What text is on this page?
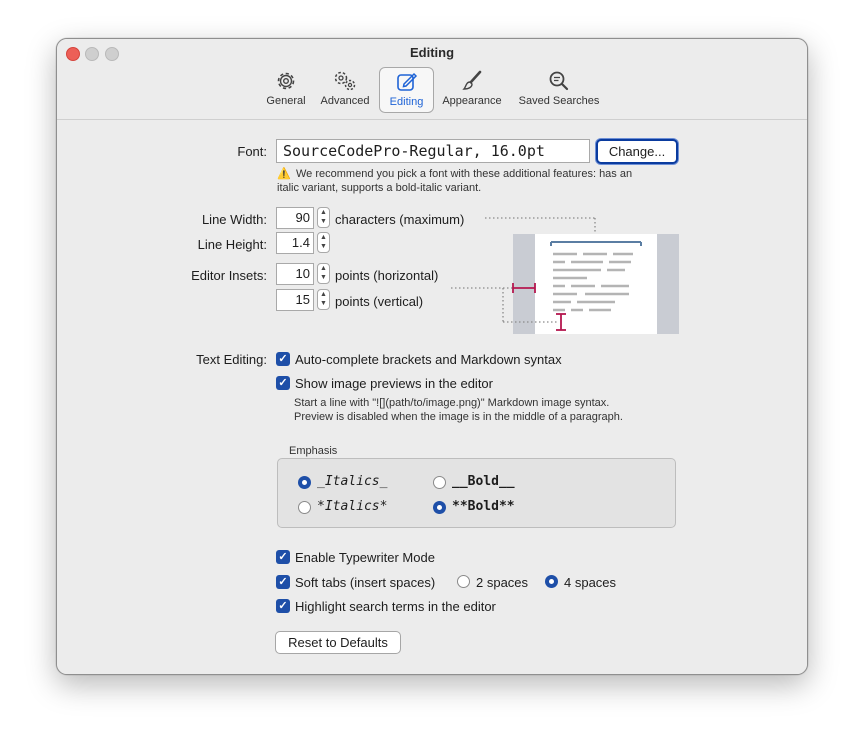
Editing
General	Advanced	Editing	Appearance	Saved Searches
Font:	SourceCodePro-Regular, 16.0pt	Change...
⚠️ We recommend you pick a font with these additional features: has an
italic variant, supports a bold-italic variant.
Line Width:	90	▲
▼ characters (maximum)
Line Height:	1.4	▲
▼
Editor Insets:	10	▲
▼ points (horizontal)
15	▲
▼ points (vertical)
Text Editing: ✓ Auto-complete brackets and Markdown syntax
✓ Show image previews in the editor
Start a line with "![](path/to/image.png)" Markdown image syntax.
Preview is disabled when the image is in the middle of a paragraph.
Emphasis
_Italics_	__Bold__
*Italics*	**Bold**
✓ Enable Typewriter Mode
✓ Soft tabs (insert spaces)	2 spaces	4 spaces
✓ Highlight search terms in the editor
Reset to Defaults
